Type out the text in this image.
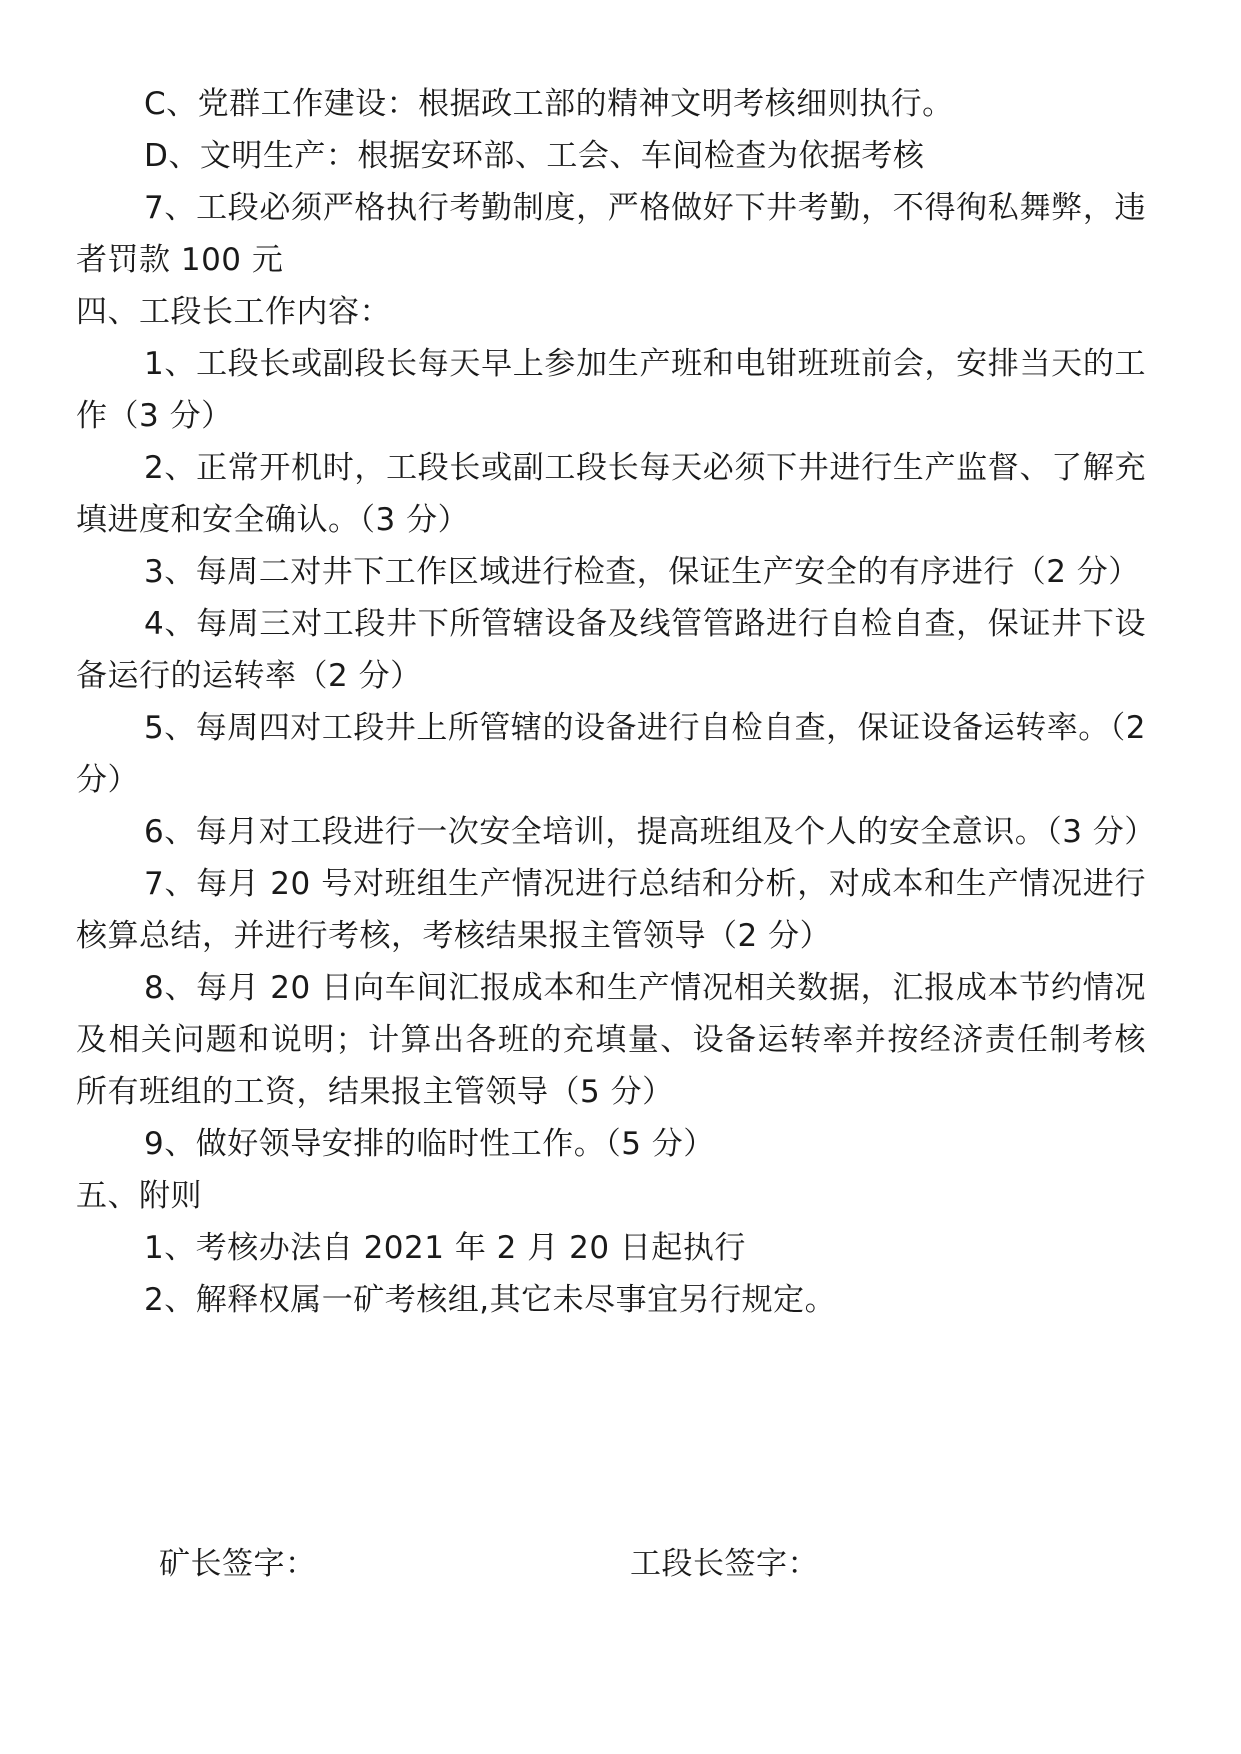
C、党群工作建设：根据政工部的精神文明考核细则执行。

D、文明生产：根据安环部、工会、车间检查为依据考核

7、工段必须严格执行考勤制度，严格做好下井考勤，不得徇私舞弊，违者罚款 100 元

四、工段长工作内容：

1、工段长或副段长每天早上参加生产班和电钳班班前会，安排当天的工作（3 分）

2、正常开机时，工段长或副工段长每天必须下井进行生产监督、了解充填进度和安全确认。（3 分）

3、每周二对井下工作区域进行检查，保证生产安全的有序进行（2 分）

4、每周三对工段井下所管辖设备及线管管路进行自检自查，保证井下设备运行的运转率（2 分）

5、每周四对工段井上所管辖的设备进行自检自查，保证设备运转率。（2 分）

6、每月对工段进行一次安全培训，提高班组及个人的安全意识。（3 分）

7、每月 20 号对班组生产情况进行总结和分析，对成本和生产情况进行核算总结，并进行考核，考核结果报主管领导（2 分）

8、每月 20 日向车间汇报成本和生产情况相关数据，汇报成本节约情况及相关问题和说明；计算出各班的充填量、设备运转率并按经济责任制考核所有班组的工资，结果报主管领导（5 分）

9、做好领导安排的临时性工作。（5 分）

五、附则

1、考核办法自 2021 年 2 月 20 日起执行

2、解释权属一矿考核组,其它未尽事宜另行规定。

矿长签字：	工段长签字：
